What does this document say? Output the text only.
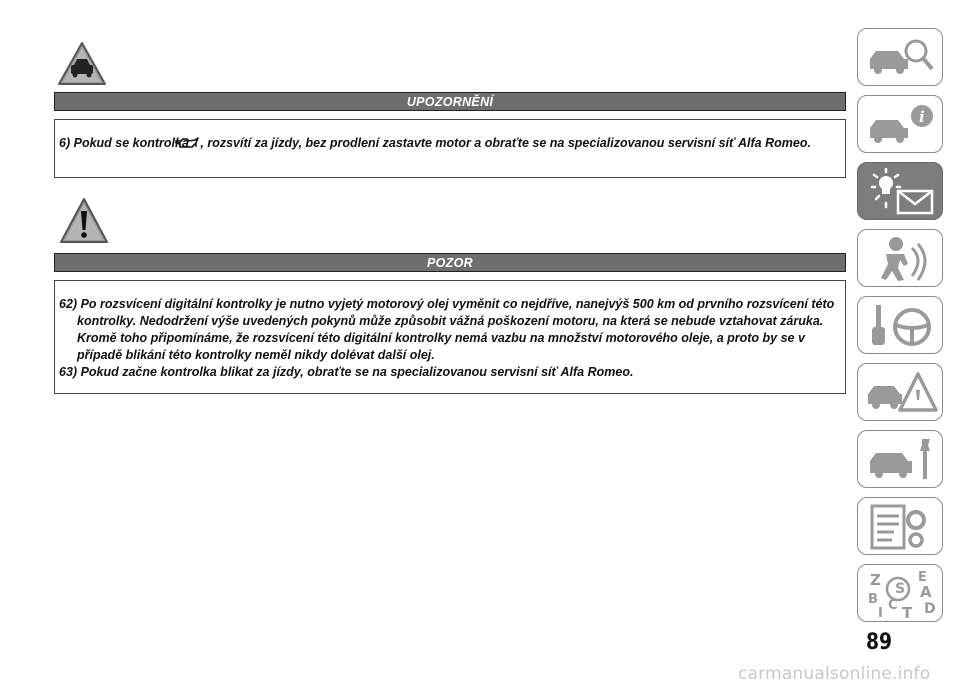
UPOZORNĚNÍ

6) Pokud se kontrolka , rozsvítí za jízdy, bez prodlení zastavte motor a obraťte se na specializovanou servisní síť Alfa Romeo.

POZOR

62) Po rozsvícení digitální kontrolky je nutno vyjetý motorový olej vyměnit co nejdříve, nanejvýš 500 km od prvního rozsvícení této kontrolky. Nedodržení výše uvedených pokynů může způsobit vážná poškození motoru, na která se nebude vztahovat záruka. Kromě toho připomínáme, že rozsvícení této digitální kontrolky nemá vazbu na množství motorového oleje, a proto by se v případě blikání této kontrolky neměl nikdy dolévat další olej.

63) Pokud začne kontrolka blikat za jízdy, obraťte se na specializovanou servisní síť Alfa Romeo.

i
Z	E
S A
B C D
I T
89
carmanualsonline.info
